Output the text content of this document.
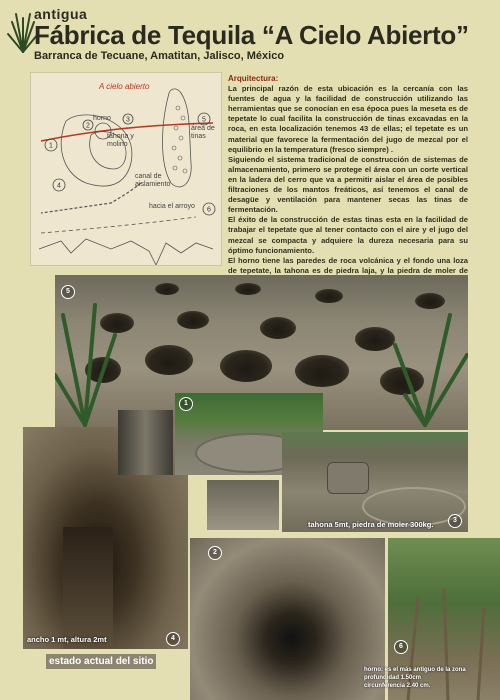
antigua
Fábrica de Tequila “A Cielo Abierto”
Barranca de Tecuane, Amatitan, Jalisco, México
1
2
3
4
5
6
A cielo abierto
horno
tahona y molino
área de tinas
canal de aislamiento
hacia el arroyo

Arquitectura:

La principal razón de esta ubicación es la cercanía con las fuentes de agua y la facilidad de construcción utilizando las herramientas que se conocían en esa época pues la meseta es de tepetate lo cual facilita la construcción de tinas excavadas en la roca, en esta localización tenemos 43 de ellas; el tepetate es un material que favorece la fermentación del jugo de mezcal por el equilibrio en la temperatura (fresco siempre) .

Siguiendo el sistema tradicional de construcción de sistemas de almacenamiento, primero se protege el área con un corte vertical en la ladera del cerro que va a permitir aislar el área de posibles filtraciones de los mantos freáticos, así tenemos el canal de desagüe y ventilación para mantener secas las tinas de fermentación.

El éxito de la construcción de estas tinas esta en la facilidad de trabajar el tepetate que al tener contacto con el aire y el jugo del mezcal se compacta y adquiere la dureza necesaria para su óptimo funcionamiento.

El horno tiene las paredes de roca volcánica y el fondo una loza de tepetate, la tahona es de piedra laja, y la piedra de moler de

5
4
ancho 1 mt, altura 2mt
1
3
tahona 5mt, piedra de moler 300kg.
2
6
horno: es el más antiguo de la zona
profundidad 1.50cm
circunferencia 2.40 cm.
estado actual del sitio
